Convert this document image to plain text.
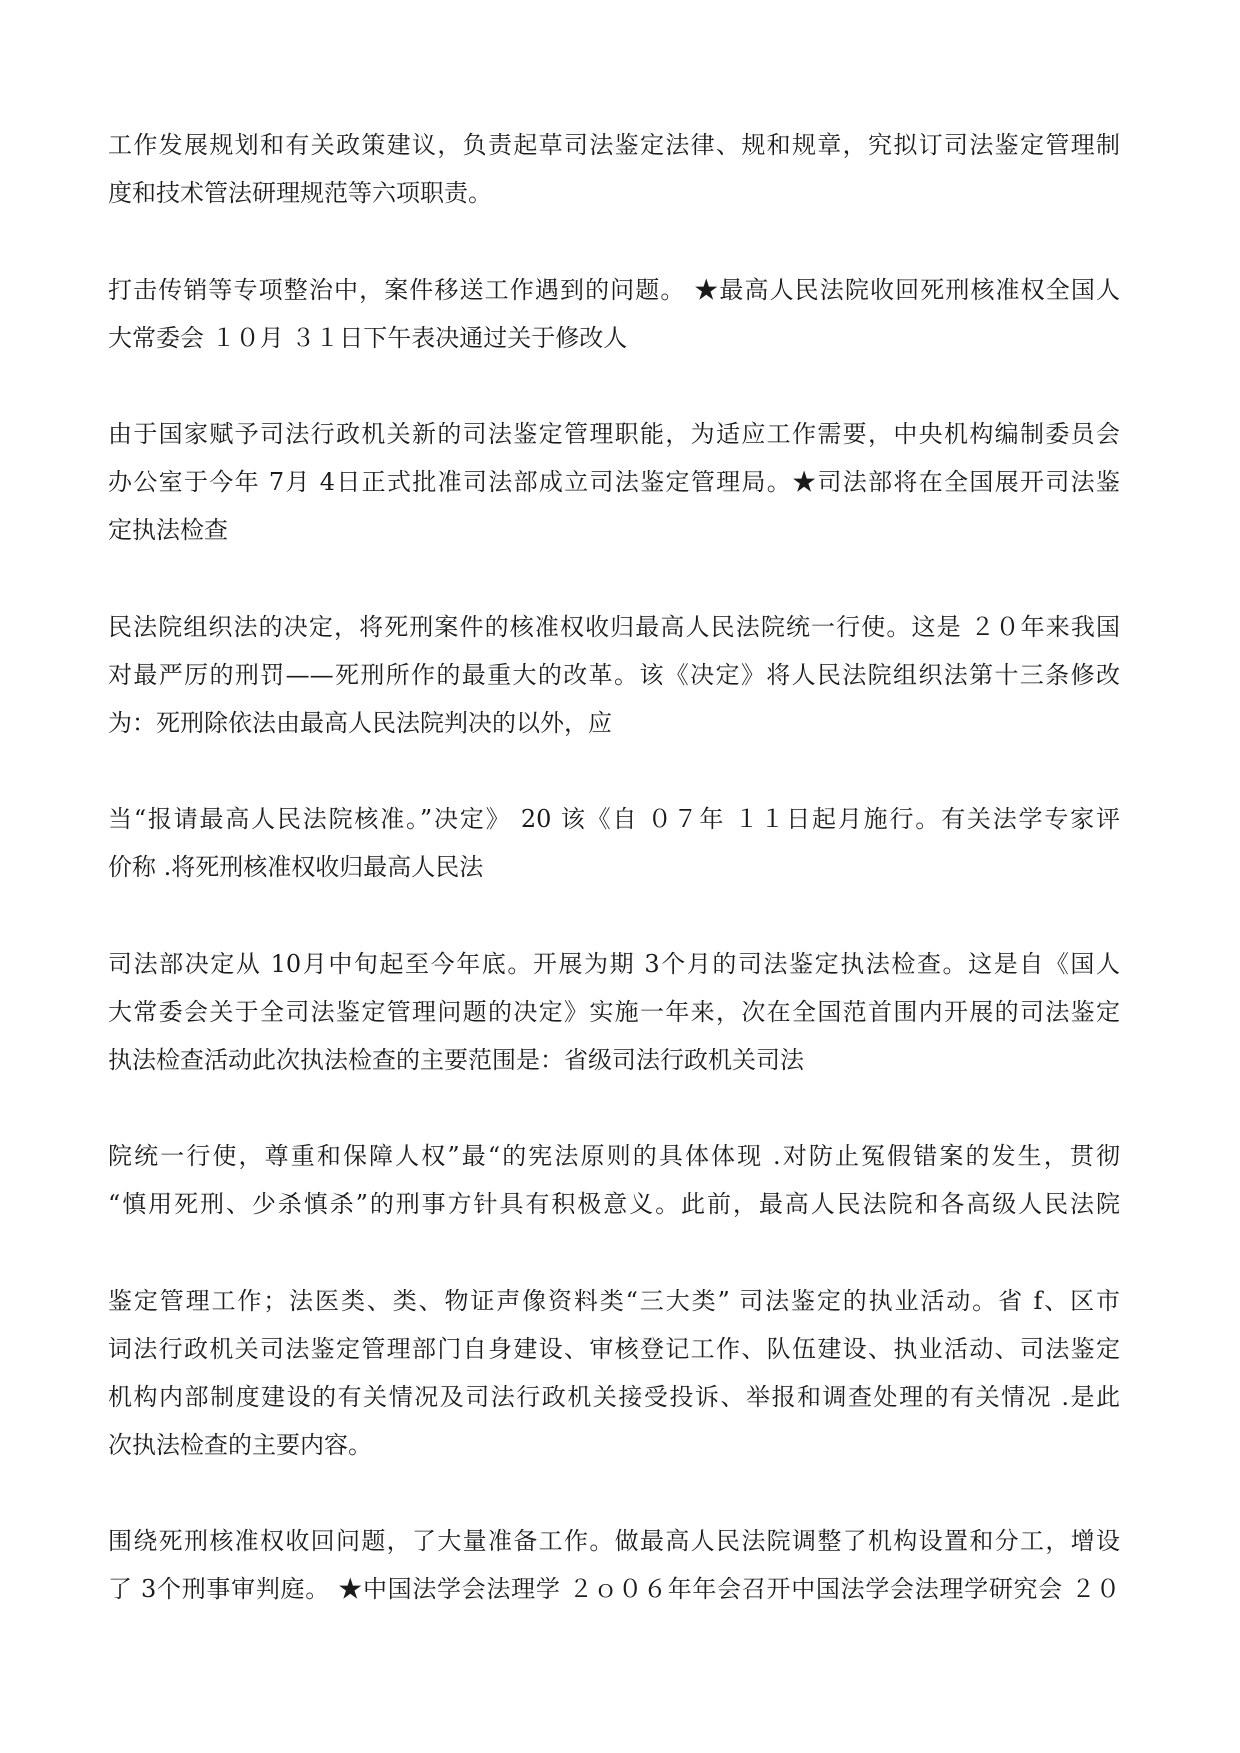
工作发展规划和有关政策建议，负责起草司法鉴定法律、规和规章，究拟订司法鉴定管理制
度和技术管法研理规范等六项职责。
打击传销等专项整治中，案件移送工作遇到的问题。 ★最高人民法院收回死刑核准权全国人
大常委会 １０月 ３１日下午表决通过关于修改人
由于国家赋予司法行政机关新的司法鉴定管理职能，为适应工作需要，中央机构编制委员会
办公室于今年 7月 4日正式批准司法部成立司法鉴定管理局。★司法部将在全国展开司法鉴
定执法检查
民法院组织法的决定，将死刑案件的核准权收归最高人民法院统一行使。这是 ２０年来我国
对最严厉的刑罚——死刑所作的最重大的改革。该《决定》将人民法院组织法第十三条修改
为：死刑除依法由最高人民法院判决的以外，应
当“报请最高人民法院核准。”决定》 20 该《自 ０７年 １１日起月施行。有关法学专家评
价称 .将死刑核准权收归最高人民法
司法部决定从 10月中旬起至今年底。开展为期 3个月的司法鉴定执法检查。这是自《国人
大常委会关于全司法鉴定管理问题的决定》实施一年来，次在全国范首围内开展的司法鉴定
执法检查活动此次执法检查的主要范围是：省级司法行政机关司法
院统一行使，尊重和保障人权”最“的宪法原则的具体体现 .对防止冤假错案的发生，贯彻
“慎用死刑、少杀慎杀”的刑事方针具有积极意义。此前，最高人民法院和各高级人民法院
鉴定管理工作；法医类、类、物证声像资料类“三大类” 司法鉴定的执业活动。省 f、区市
词法行政机关司法鉴定管理部门自身建设、审核登记工作、队伍建设、执业活动、司法鉴定
机构内部制度建设的有关情况及司法行政机关接受投诉、举报和调查处理的有关情况 .是此
次执法检查的主要内容。
围绕死刑核准权收回问题，了大量准备工作。做最高人民法院调整了机构设置和分工，增设
了 3个刑事审判庭。 ★中国法学会法理学 ２ｏ０６年年会召开中国法学会法理学研究会 ２０
